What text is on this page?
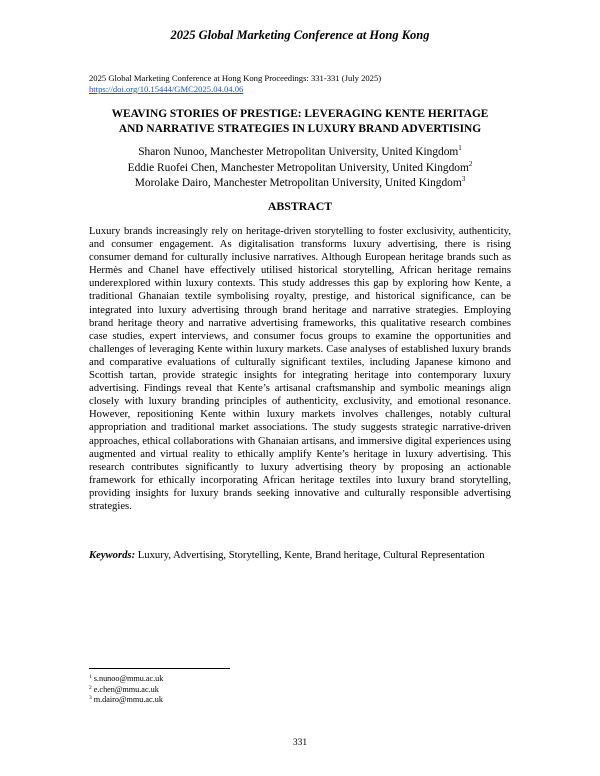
2025 Global Marketing Conference at Hong Kong
2025 Global Marketing Conference at Hong Kong Proceedings: 331-331 (July 2025)
https://doi.org/10.15444/GMC2025.04.04.06
WEAVING STORIES OF PRESTIGE: LEVERAGING KENTE HERITAGE
AND NARRATIVE STRATEGIES IN LUXURY BRAND ADVERTISING
Sharon Nunoo, Manchester Metropolitan University, United Kingdom$^1$
Eddie Ruofei Chen, Manchester Metropolitan University, United Kingdom$^2$
Morolake Dairo, Manchester Metropolitan University, United Kingdom$^3$
ABSTRACT
Luxury brands increasingly rely on heritage-driven storytelling to foster exclusivity, authenticity, and consumer engagement. As digitalisation transforms luxury advertising, there is rising consumer demand for culturally inclusive narratives. Although European heritage brands such as Hermès and Chanel have effectively utilised historical storytelling, African heritage remains underexplored within luxury contexts. This study addresses this gap by exploring how Kente, a traditional Ghanaian textile symbolising royalty, prestige, and historical significance, can be integrated into luxury advertising through brand heritage and narrative strategies. Employing brand heritage theory and narrative advertising frameworks, this qualitative research combines case studies, expert interviews, and consumer focus groups to examine the opportunities and challenges of leveraging Kente within luxury markets. Case analyses of established luxury brands and comparative evaluations of culturally significant textiles, including Japanese kimono and Scottish tartan, provide strategic insights for integrating heritage into contemporary luxury advertising. Findings reveal that Kente’s artisanal craftsmanship and symbolic meanings align closely with luxury branding principles of authenticity, exclusivity, and emotional resonance. However, repositioning Kente within luxury markets involves challenges, notably cultural appropriation and traditional market associations. The study suggests strategic narrative-driven approaches, ethical collaborations with Ghanaian artisans, and immersive digital experiences using augmented and virtual reality to ethically amplify Kente’s heritage in luxury advertising. This research contributes significantly to luxury advertising theory by proposing an actionable framework for ethically incorporating African heritage textiles into luxury brand storytelling, providing insights for luxury brands seeking innovative and culturally responsible advertising strategies.
Keywords: Luxury, Advertising, Storytelling, Kente, Brand heritage, Cultural Representation
$^1$ s.nunoo@mmu.ac.uk
$^2$ e.chen@mmu.ac.uk
$^3$ m.dairo@mmu.ac.uk
331
